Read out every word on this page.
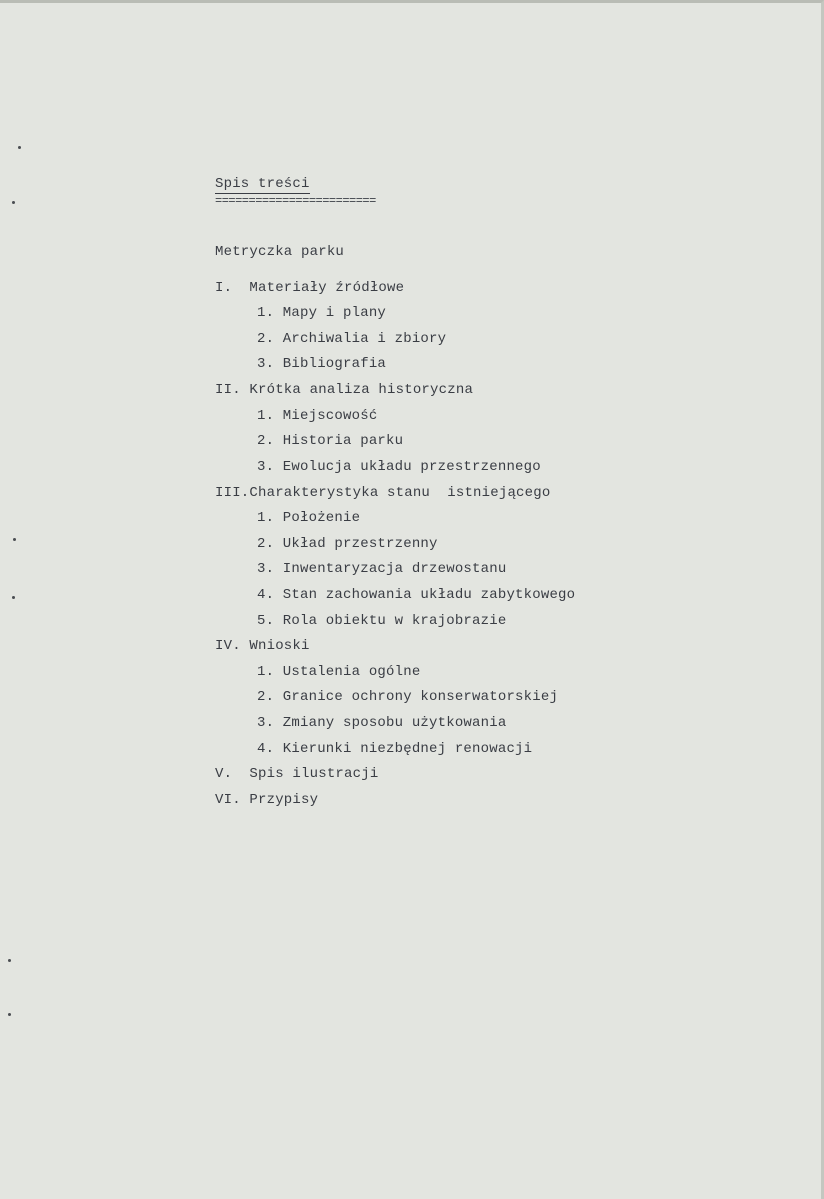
Spis treści
========================
Metryczka parku
I.  Materiały źródłowe
1. Mapy i plany
2. Archiwalia i zbiory
3. Bibliografia
II. Krótka analiza historyczna
1. Miejscowość
2. Historia parku
3. Ewolucja układu przestrzennego
III.Charakterystyka stanu  istniejącego
1. Położenie
2. Układ przestrzenny
3. Inwentaryzacja drzewostanu
4. Stan zachowania układu zabytkowego
5. Rola obiektu w krajobrazie
IV. Wnioski
1. Ustalenia ogólne
2. Granice ochrony konserwatorskiej
3. Zmiany sposobu użytkowania
4. Kierunki niezbędnej renowacji
V.  Spis ilustracji
VI. Przypisy
